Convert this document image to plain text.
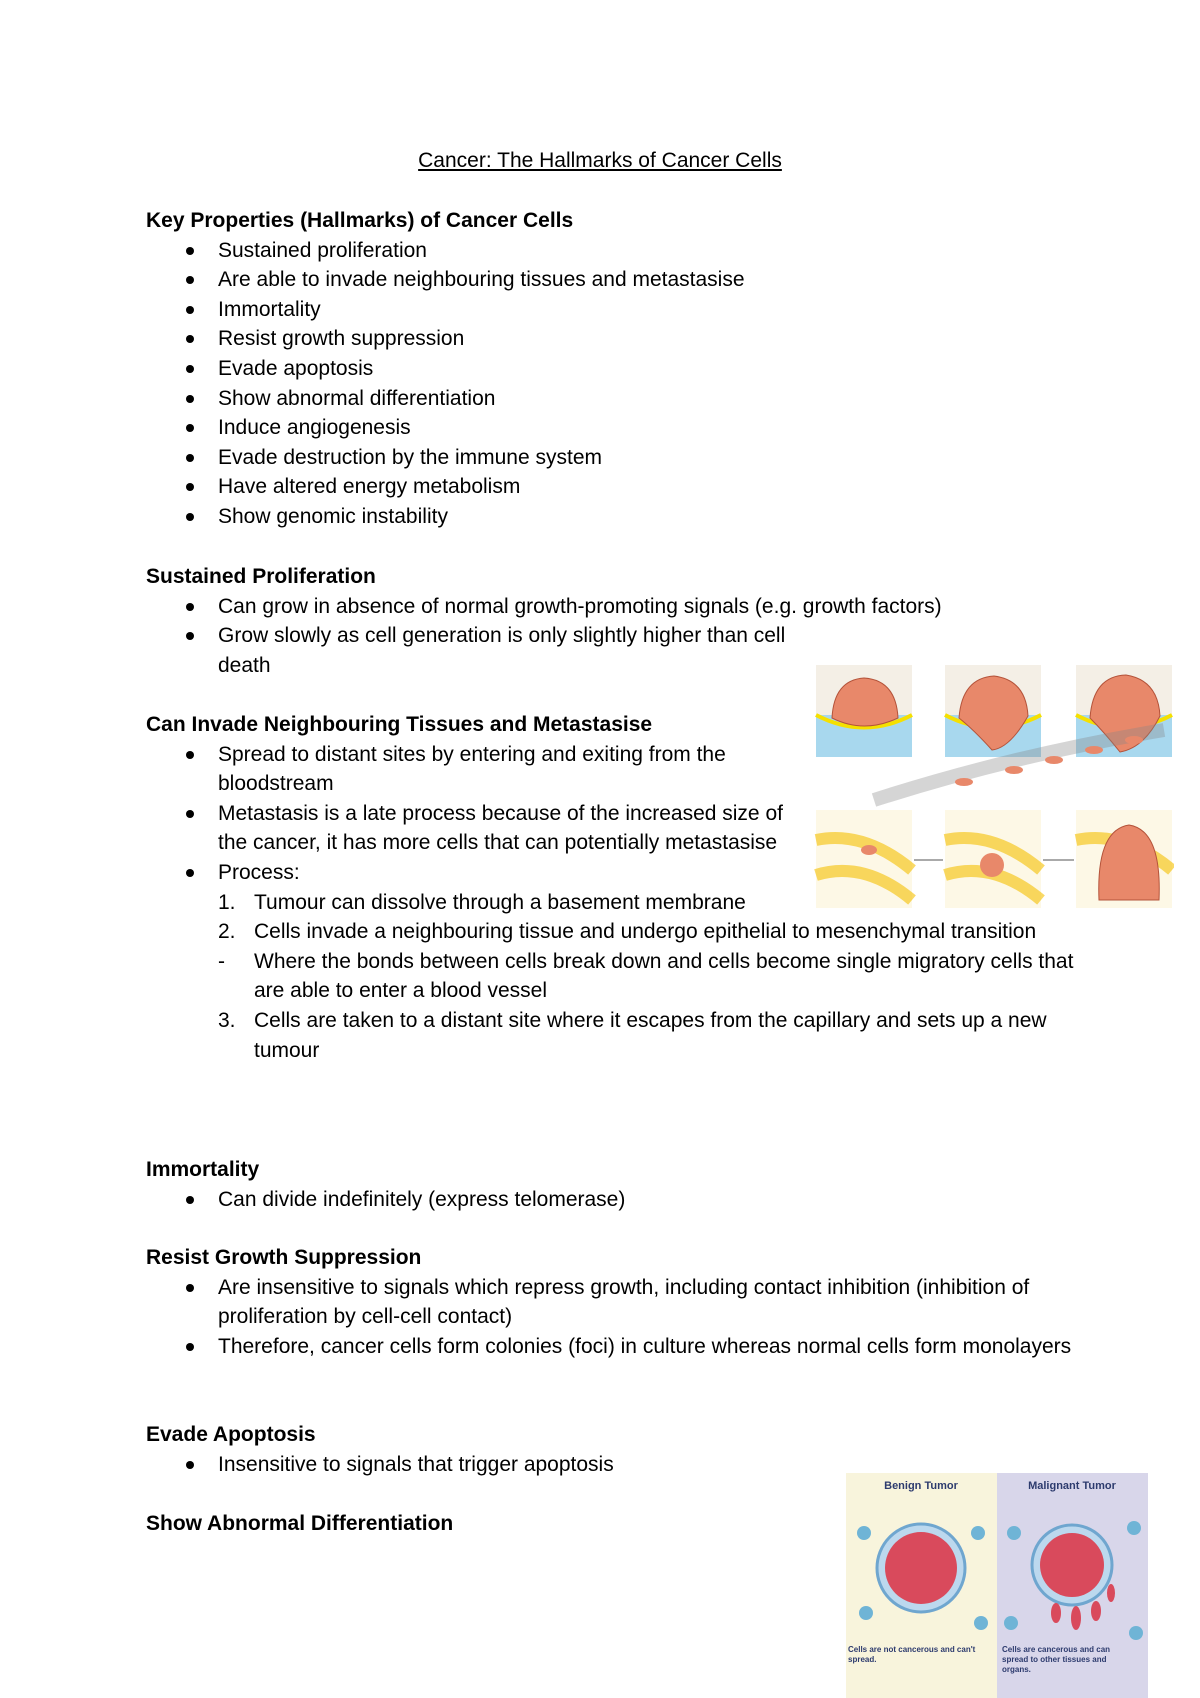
Cancer: The Hallmarks of Cancer Cells
Key Properties (Hallmarks) of Cancer Cells
Sustained proliferation
Are able to invade neighbouring tissues and metastasise
Immortality
Resist growth suppression
Evade apoptosis
Show abnormal differentiation
Induce angiogenesis
Evade destruction by the immune system
Have altered energy metabolism
Show genomic instability
Sustained Proliferation
Can grow in absence of normal growth-promoting signals (e.g. growth factors)
Grow slowly as cell generation is only slightly higher than cell death
Can Invade Neighbouring Tissues and Metastasise
Spread to distant sites by entering and exiting from the bloodstream
Metastasis is a late process because of the increased size of the cancer, it has more cells that can potentially metastasise
Process:
1. Tumour can dissolve through a basement membrane
2. Cells invade a neighbouring tissue and undergo epithelial to mesenchymal transition
- Where the bonds between cells break down and cells become single migratory cells that are able to enter a blood vessel
3. Cells are taken to a distant site where it escapes from the capillary and sets up a new tumour
Immortality
Can divide indefinitely (express telomerase)
Resist Growth Suppression
Are insensitive to signals which repress growth, including contact inhibition (inhibition of proliferation by cell-cell contact)
Therefore, cancer cells form colonies (foci) in culture whereas normal cells form monolayers
Evade Apoptosis
Insensitive to signals that trigger apoptosis
Show Abnormal Differentiation
Benign Tumor	Malignant Tumor
Cells are not cancerous and can't spread.
Cells are cancerous and can spread to other tissues and organs.
